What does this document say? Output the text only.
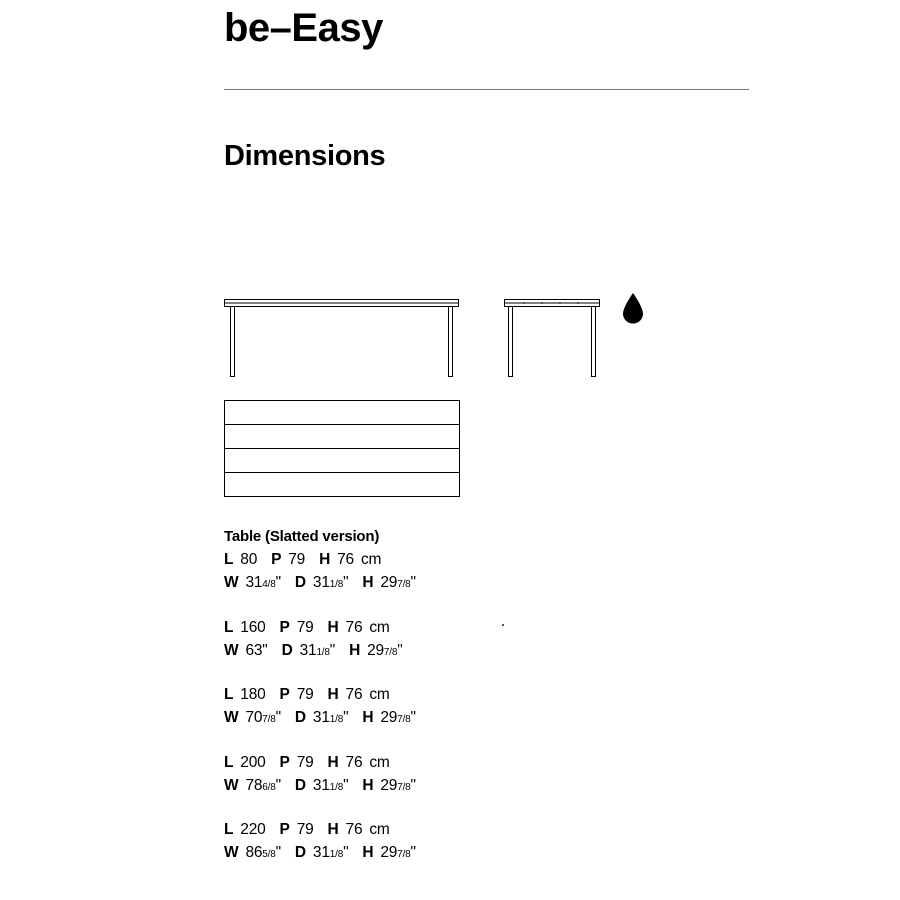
be–Easy
Dimensions
Table (Slatted version)
L 80 P 79 H 76 cm
W 314/8" D 311/8" H 297/8"
L 160 P 79 H 76 cm
W 63" D 311/8" H 297/8"
L 180 P 79 H 76 cm
W 707/8" D 311/8" H 297/8"
L 200 P 79 H 76 cm
W 786/8" D 311/8" H 297/8"
L 220 P 79 H 76 cm
W 865/8" D 311/8" H 297/8"
